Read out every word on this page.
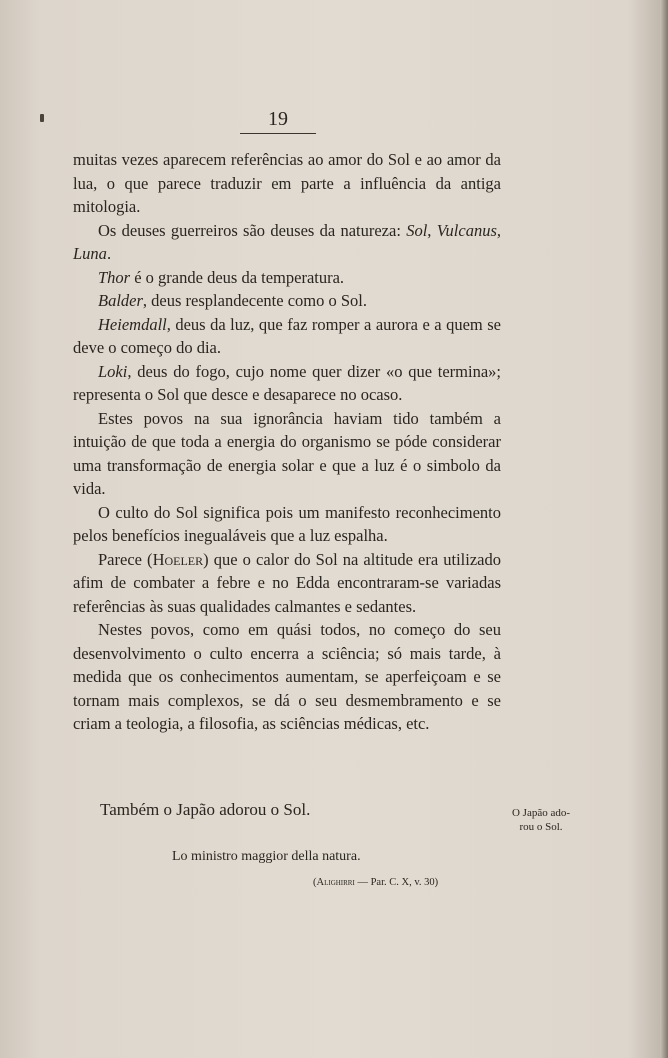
19

muitas vezes aparecem referências ao amor do Sol e ao amor da lua, o que parece traduzir em parte a influência da antiga mitologia.

Os deuses guerreiros são deuses da natureza: Sol, Vulcanus, Luna.

Thor é o grande deus da temperatura.

Balder, deus resplandecente como o Sol.

Heiemdall, deus da luz, que faz romper a aurora e a quem se deve o começo do dia.

Loki, deus do fogo, cujo nome quer dizer «o que termina»; representa o Sol que desce e desaparece no ocaso.

Estes povos na sua ignorância haviam tido também a intuição de que toda a energia do organismo se póde considerar uma transformação de energia solar e que a luz é o simbolo da vida.

O culto do Sol significa pois um manifesto reconhecimento pelos benefícios inegualáveis que a luz espalha.

Parece (Hoeler) que o calor do Sol na altitude era utilizado afim de combater a febre e no Edda encontraram-se variadas referências às suas qualidades calmantes e sedantes.

Nestes povos, como em quási todos, no começo do seu desenvolvimento o culto encerra a sciência; só mais tarde, à medida que os conhecimentos aumentam, se aperfeiçoam e se tornam mais complexos, se dá o seu desmembramento e se criam a teologia, a filosofia, as sciências médicas, etc.

Também o Japão adorou o Sol.	O Japão ado-
rou o Sol.
Lo ministro maggior della natura.
(Alighirri — Par. C. X, v. 30)
